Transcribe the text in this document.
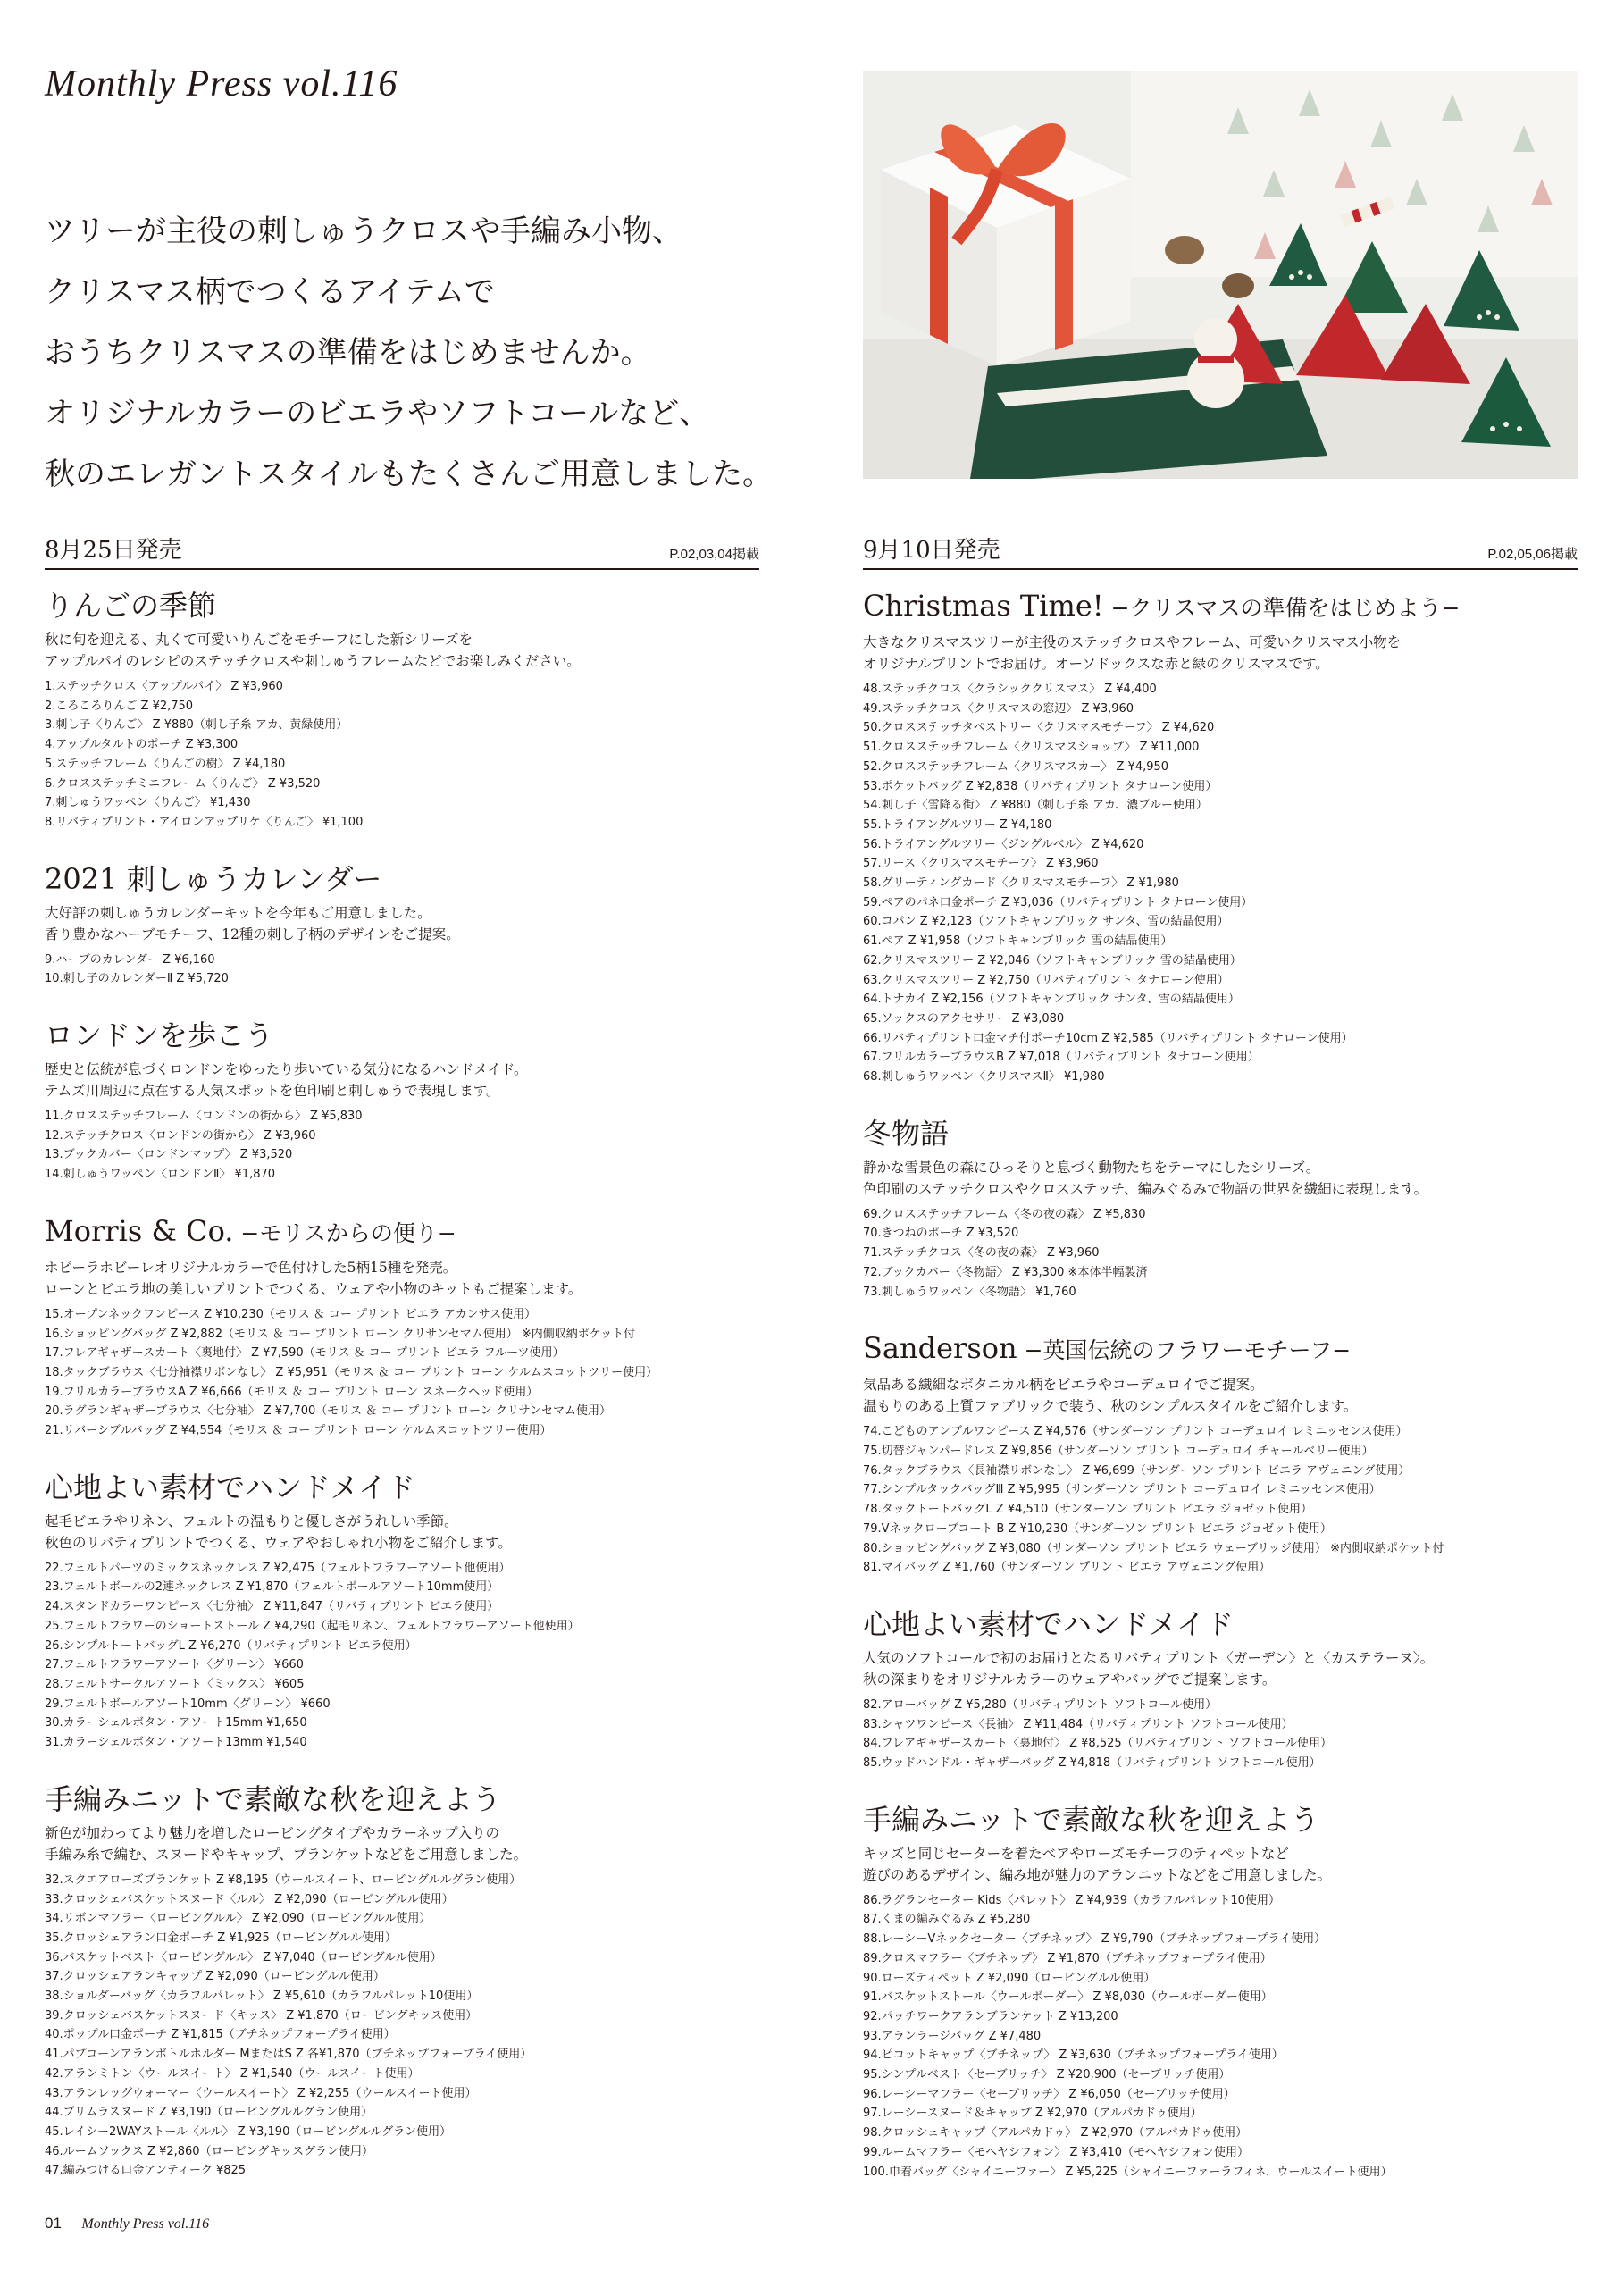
Monthly Press vol.116
ツリーが主役の刺しゅうクロスや手編み小物、
クリスマス柄でつくるアイテムで
おうちクリスマスの準備をはじめませんか。
オリジナルカラーのビエラやソフトコールなど、
秋のエレガントスタイルもたくさんご用意しました。
8月25日発売	P.02,03,04掲載
りんごの季節
秋に旬を迎える、丸くて可愛いりんごをモチーフにした新シリーズを
アップルパイのレシピのステッチクロスや刺しゅうフレームなどでお楽しみください。
1.ステッチクロス〈アップルパイ〉 Z ¥3,960
2.ころころりんご Z ¥2,750
3.刺し子〈りんご〉 Z ¥880（刺し子糸 アカ、黄緑使用）
4.アップルタルトのポーチ Z ¥3,300
5.ステッチフレーム〈りんごの樹〉 Z ¥4,180
6.クロスステッチミニフレーム〈りんご〉 Z ¥3,520
7.刺しゅうワッペン〈りんご〉 ¥1,430
8.リバティプリント・アイロンアップリケ〈りんご〉 ¥1,100
2021 刺しゅうカレンダー
大好評の刺しゅうカレンダーキットを今年もご用意しました。
香り豊かなハーブモチーフ、12種の刺し子柄のデザインをご提案。
9.ハーブのカレンダー Z ¥6,160
10.刺し子のカレンダーⅡ Z ¥5,720
ロンドンを歩こう
歴史と伝統が息づくロンドンをゆったり歩いている気分になるハンドメイド。
テムズ川周辺に点在する人気スポットを色印刷と刺しゅうで表現します。
11.クロスステッチフレーム〈ロンドンの街から〉 Z ¥5,830
12.ステッチクロス〈ロンドンの街から〉 Z ¥3,960
13.ブックカバー〈ロンドンマップ〉 Z ¥3,520
14.刺しゅうワッペン〈ロンドンⅡ〉 ¥1,870
Morris & Co. −モリスからの便り−
ホビーラホビーレオリジナルカラーで色付けした5柄15種を発売。
ローンとビエラ地の美しいプリントでつくる、ウェアや小物のキットもご提案します。
15.オープンネックワンピース Z ¥10,230（モリス ＆ コー プリント ビエラ アカンサス使用）
16.ショッピングバッグ Z ¥2,882（モリス ＆ コー プリント ローン クリサンセマム使用） ※内側収納ポケット付
17.フレアギャザースカート〈裏地付〉 Z ¥7,590（モリス ＆ コー プリント ビエラ フルーツ使用）
18.タックブラウス〈七分袖襟リボンなし〉 Z ¥5,951（モリス ＆ コー プリント ローン ケルムスコットツリー使用）
19.フリルカラーブラウスA Z ¥6,666（モリス ＆ コー プリント ローン スネークヘッド使用）
20.ラグランギャザーブラウス〈七分袖〉 Z ¥7,700（モリス ＆ コー プリント ローン クリサンセマム使用）
21.リバーシブルバッグ Z ¥4,554（モリス ＆ コー プリント ローン ケルムスコットツリー使用）
心地よい素材でハンドメイド
起毛ビエラやリネン、フェルトの温もりと優しさがうれしい季節。
秋色のリバティプリントでつくる、ウェアやおしゃれ小物をご紹介します。
22.フェルトパーツのミックスネックレス Z ¥2,475（フェルトフラワーアソート他使用）
23.フェルトボールの2連ネックレス Z ¥1,870（フェルトボールアソート10mm使用）
24.スタンドカラーワンピース〈七分袖〉 Z ¥11,847（リバティプリント ビエラ使用）
25.フェルトフラワーのショートストール Z ¥4,290（起毛リネン、フェルトフラワーアソート他使用）
26.シンプルトートバッグL Z ¥6,270（リバティプリント ビエラ使用）
27.フェルトフラワーアソート〈グリーン〉 ¥660
28.フェルトサークルアソート〈ミックス〉 ¥605
29.フェルトボールアソート10mm〈グリーン〉 ¥660
30.カラーシェルボタン・アソート15mm ¥1,650
31.カラーシェルボタン・アソート13mm ¥1,540
手編みニットで素敵な秋を迎えよう
新色が加わってより魅力を増したロービングタイプやカラーネップ入りの
手編み糸で編む、スヌードやキャップ、ブランケットなどをご用意しました。
32.スクエアローズブランケット Z ¥8,195（ウールスイート、ロービングルルグラン使用）
33.クロッシェバスケットスヌード〈ルル〉 Z ¥2,090（ロービングルル使用）
34.リボンマフラー〈ロービングルル〉 Z ¥2,090（ロービングルル使用）
35.クロッシェアラン口金ポーチ Z ¥1,925（ロービングルル使用）
36.バスケットベスト〈ロービングルル〉 Z ¥7,040（ロービングルル使用）
37.クロッシェアランキャップ Z ¥2,090（ロービングルル使用）
38.ショルダーバッグ〈カラフルパレット〉 Z ¥5,610（カラフルパレット10使用）
39.クロッシェバスケットスヌード〈キッス〉 Z ¥1,870（ロービングキッス使用）
40.ポップル口金ポーチ Z ¥1,815（ブチネップフォープライ使用）
41.パプコーンアランボトルホルダー MまたはS Z 各¥1,870（ブチネップフォープライ使用）
42.アランミトン〈ウールスイート〉 Z ¥1,540（ウールスイート使用）
43.アランレッグウォーマー〈ウールスイート〉 Z ¥2,255（ウールスイート使用）
44.ブリムラスヌード Z ¥3,190（ロービングルルグラン使用）
45.レイシー2WAYストール〈ルル〉 Z ¥3,190（ロービングルルグラン使用）
46.ルームソックス Z ¥2,860（ロービングキッスグラン使用）
47.編みつける口金アンティーク ¥825
9月10日発売	P.02,05,06掲載
Christmas Time! −クリスマスの準備をはじめよう−
大きなクリスマスツリーが主役のステッチクロスやフレーム、可愛いクリスマス小物を
オリジナルプリントでお届け。オーソドックスな赤と緑のクリスマスです。
48.ステッチクロス〈クラシッククリスマス〉 Z ¥4,400
49.ステッチクロス〈クリスマスの窓辺〉 Z ¥3,960
50.クロスステッチタペストリー〈クリスマスモチーフ〉 Z ¥4,620
51.クロスステッチフレーム〈クリスマスショップ〉 Z ¥11,000
52.クロスステッチフレーム〈クリスマスカー〉 Z ¥4,950
53.ポケットバッグ Z ¥2,838（リバティプリント タナローン使用）
54.刺し子〈雪降る街〉 Z ¥880（刺し子糸 アカ、濃ブルー使用）
55.トライアングルツリー Z ¥4,180
56.トライアングルツリー〈ジングルベル〉 Z ¥4,620
57.リース〈クリスマスモチーフ〉 Z ¥3,960
58.グリーティングカード〈クリスマスモチーフ〉 Z ¥1,980
59.ペアのパネ口金ポーチ Z ¥3,036（リバティプリント タナローン使用）
60.コパン Z ¥2,123（ソフトキャンブリック サンタ、雪の結晶使用）
61.ペア Z ¥1,958（ソフトキャンブリック 雪の結晶使用）
62.クリスマスツリー Z ¥2,046（ソフトキャンブリック 雪の結晶使用）
63.クリスマスツリー Z ¥2,750（リバティプリント タナローン使用）
64.トナカイ Z ¥2,156（ソフトキャンブリック サンタ、雪の結晶使用）
65.ソックスのアクセサリー Z ¥3,080
66.リバティプリント口金マチ付ポーチ10cm Z ¥2,585（リバティプリント タナローン使用）
67.フリルカラーブラウスB Z ¥7,018（リバティプリント タナローン使用）
68.刺しゅうワッペン〈クリスマスⅡ〉 ¥1,980
冬物語
静かな雪景色の森にひっそりと息づく動物たちをテーマにしたシリーズ。
色印刷のステッチクロスやクロスステッチ、編みぐるみで物語の世界を繊細に表現します。
69.クロスステッチフレーム〈冬の夜の森〉 Z ¥5,830
70.きつねのポーチ Z ¥3,520
71.ステッチクロス〈冬の夜の森〉 Z ¥3,960
72.ブックカバー〈冬物語〉 Z ¥3,300 ※本体半幅製済
73.刺しゅうワッペン〈冬物語〉 ¥1,760
Sanderson −英国伝統のフラワーモチーフ−
気品ある繊細なボタニカル柄をビエラやコーデュロイでご提案。
温もりのある上質ファブリックで装う、秋のシンプルスタイルをご紹介します。
74.こどものアンブルワンピース Z ¥4,576（サンダーソン プリント コーデュロイ レミニッセンス使用）
75.切替ジャンパードレス Z ¥9,856（サンダーソン プリント コーデュロイ チャールベリー使用）
76.タックブラウス〈長袖襟リボンなし〉 Z ¥6,699（サンダーソン プリント ビエラ アヴェニング使用）
77.シンプルタックバッグⅢ Z ¥5,995（サンダーソン プリント コーデュロイ レミニッセンス使用）
78.タックトートバッグL Z ¥4,510（サンダーソン プリント ビエラ ジョゼット使用）
79.Vネックローブコート B Z ¥10,230（サンダーソン プリント ビエラ ジョゼット使用）
80.ショッピングバッグ Z ¥3,080（サンダーソン プリント ビエラ ウェーブリッジ使用） ※内側収納ポケット付
81.マイバッグ Z ¥1,760（サンダーソン プリント ビエラ アヴェニング使用）
心地よい素材でハンドメイド
人気のソフトコールで初のお届けとなるリバティプリント〈ガーデン〉と〈カステラーヌ〉。
秋の深まりをオリジナルカラーのウェアやバッグでご提案します。
82.アローバッグ Z ¥5,280（リバティプリント ソフトコール使用）
83.シャツワンピース〈長袖〉 Z ¥11,484（リバティプリント ソフトコール使用）
84.フレアギャザースカート〈裏地付〉 Z ¥8,525（リバティプリント ソフトコール使用）
85.ウッドハンドル・ギャザーバッグ Z ¥4,818（リバティプリント ソフトコール使用）
手編みニットで素敵な秋を迎えよう
キッズと同じセーターを着たベアやローズモチーフのティペットなど
遊びのあるデザイン、編み地が魅力のアランニットなどをご用意しました。
86.ラグランセーター Kids〈パレット〉 Z ¥4,939（カラフルパレット10使用）
87.くまの編みぐるみ Z ¥5,280
88.レーシーVネックセーター〈ブチネップ〉 Z ¥9,790（ブチネップフォープライ使用）
89.クロスマフラー〈ブチネップ〉 Z ¥1,870（ブチネップフォープライ使用）
90.ローズティペット Z ¥2,090（ロービングルル使用）
91.バスケットストール〈ウールボーダー〉 Z ¥8,030（ウールボーダー使用）
92.パッチワークアランブランケット Z ¥13,200
93.アランラージバッグ Z ¥7,480
94.ピコットキャップ〈ブチネップ〉 Z ¥3,630（ブチネップフォープライ使用）
95.シンプルベスト〈セーブリッチ〉 Z ¥20,900（セーブリッチ使用）
96.レーシーマフラー〈セーブリッチ〉 Z ¥6,050（セーブリッチ使用）
97.レーシースヌード＆キャップ Z ¥2,970（アルパカドゥ使用）
98.クロッシェキャップ〈アルパカドゥ〉 Z ¥2,970（アルパカドゥ使用）
99.ルームマフラー〈モヘヤシフォン〉 Z ¥3,410（モヘヤシフォン使用）
100.巾着バッグ〈シャイニーファー〉 Z ¥5,225（シャイニーファーラフィネ、ウールスイート使用）
01 Monthly Press vol.116
